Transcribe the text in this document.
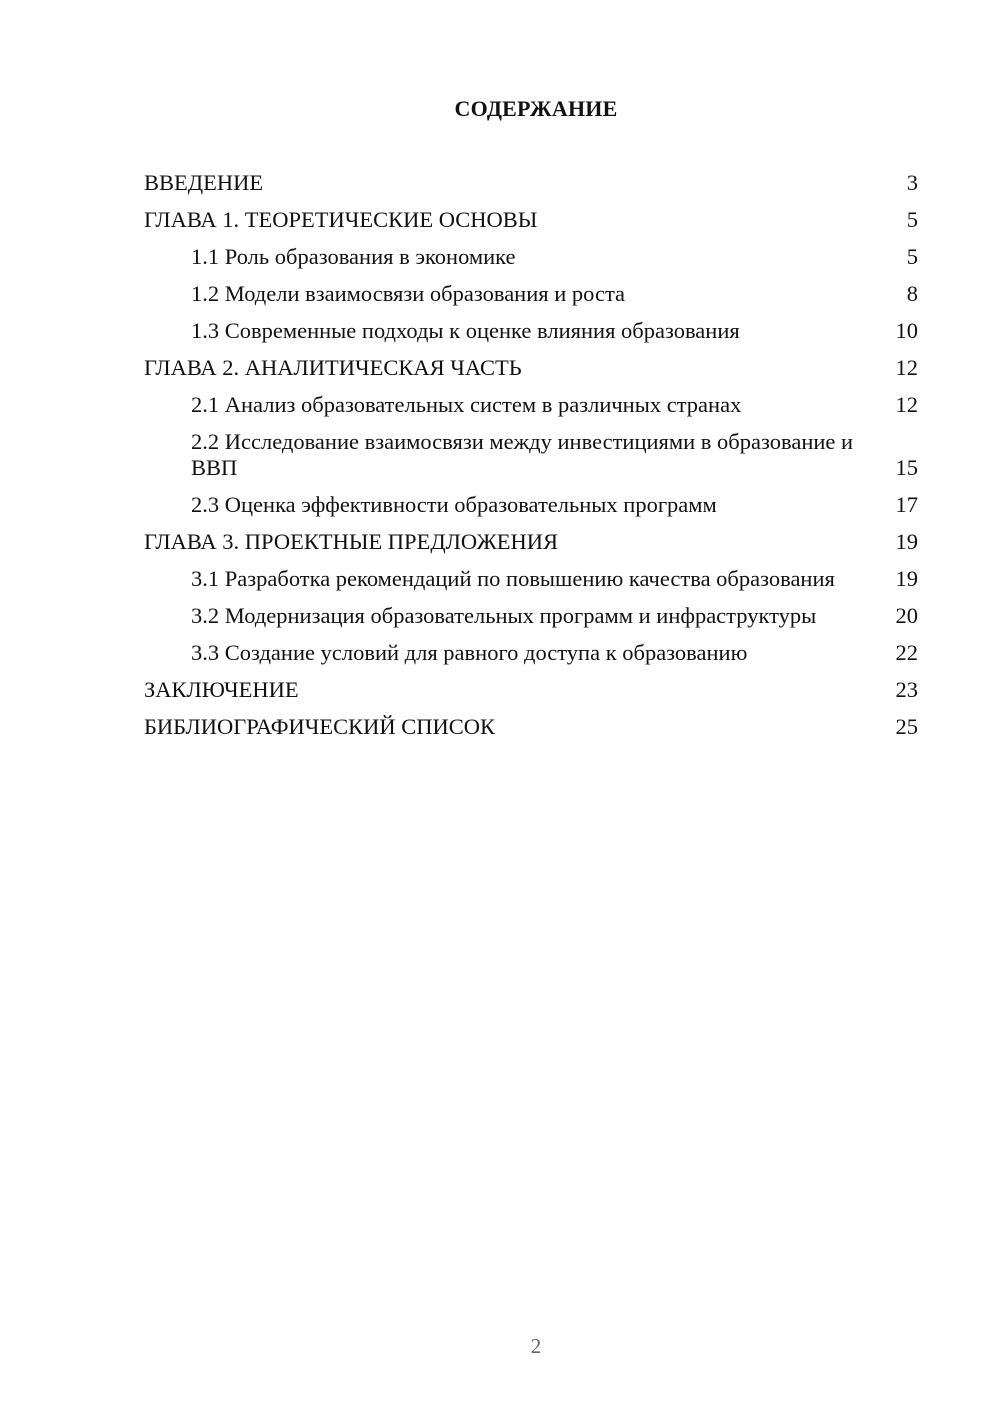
СОДЕРЖАНИЕ
ВВЕДЕНИЕ	3
ГЛАВА 1. ТЕОРЕТИЧЕСКИЕ ОСНОВЫ	5
1.1 Роль образования в экономике	5
1.2 Модели взаимосвязи образования и роста	8
1.3 Современные подходы к оценке влияния образования	10
ГЛАВА 2. АНАЛИТИЧЕСКАЯ ЧАСТЬ	12
2.1 Анализ образовательных систем в различных странах	12
2.2 Исследование взаимосвязи между инвестициями в образование и ВВП	15
2.3 Оценка эффективности образовательных программ	17
ГЛАВА 3. ПРОЕКТНЫЕ ПРЕДЛОЖЕНИЯ	19
3.1 Разработка рекомендаций по повышению качества образования	19
3.2 Модернизация образовательных программ и инфраструктуры	20
3.3 Создание условий для равного доступа к образованию	22
ЗАКЛЮЧЕНИЕ	23
БИБЛИОГРАФИЧЕСКИЙ СПИСОК	25
2
